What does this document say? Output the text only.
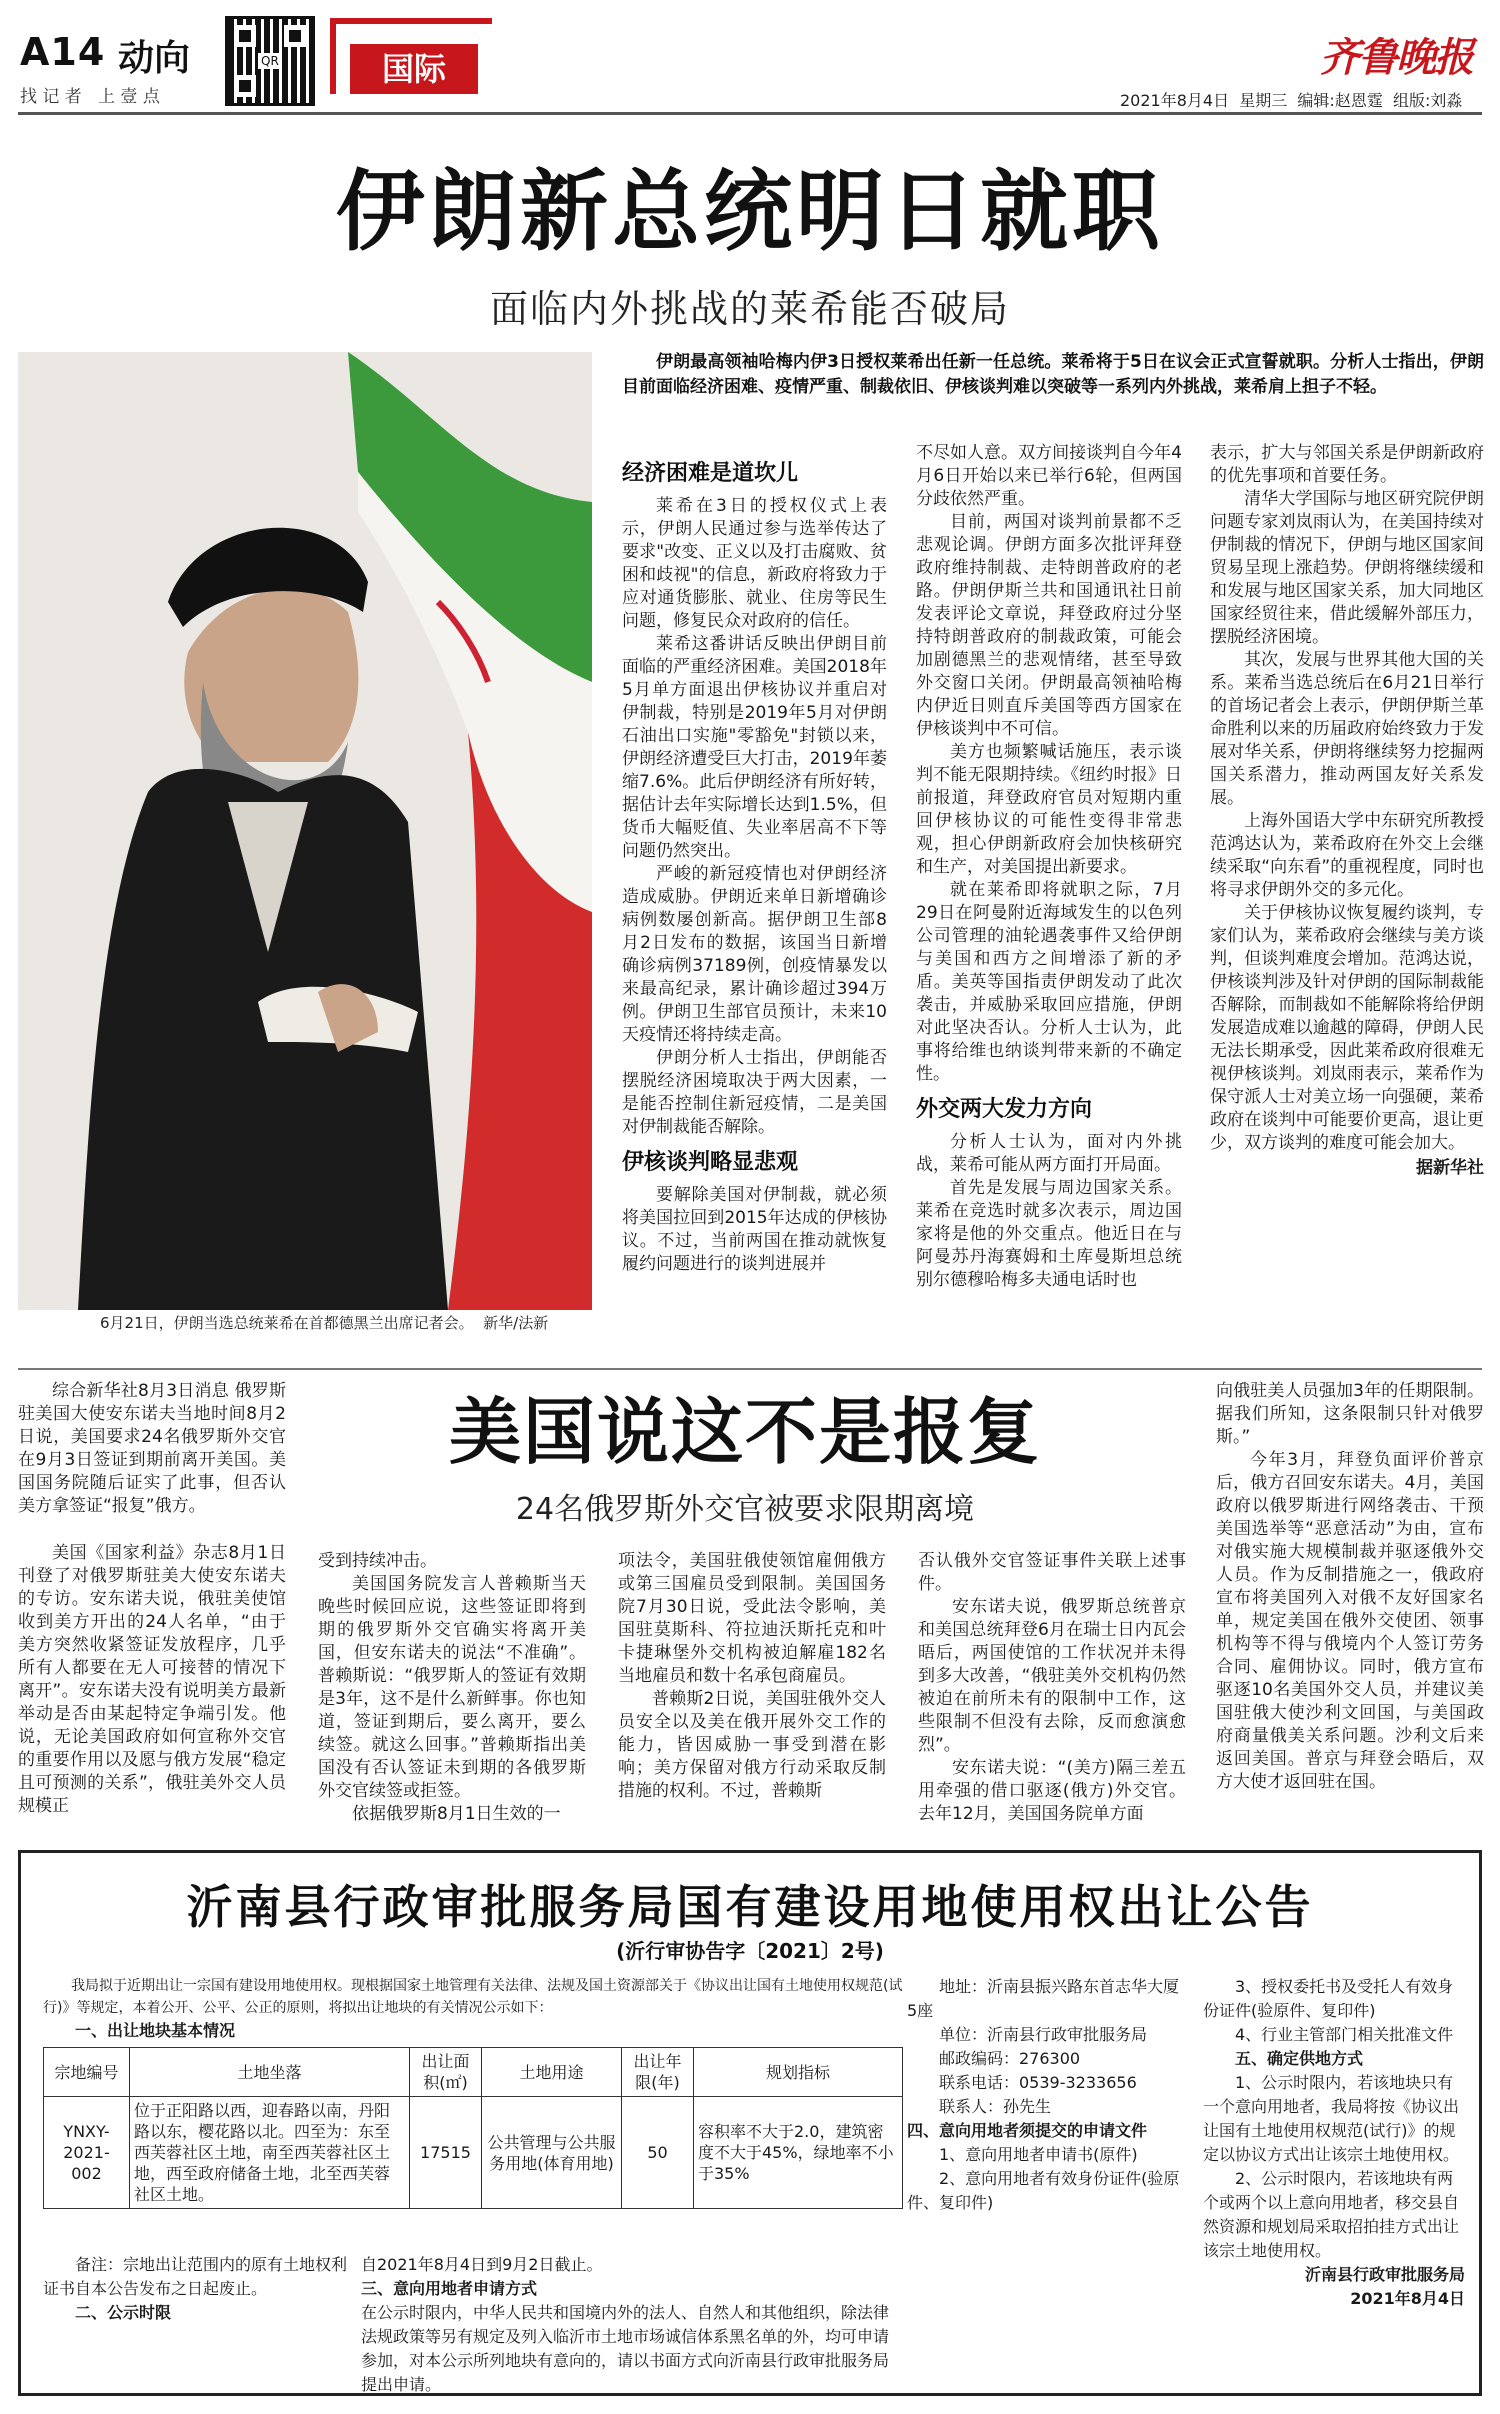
A14 动向
找 记 者   上 壹 点
QR	国际	齐鲁晚报
2021年8月4日  星期三  编辑:赵恩霆  组版:刘淼
伊朗新总统明日就职
面临内外挑战的莱希能否破局
6月21日，伊朗当选总统莱希在首都德黑兰出席记者会。  新华/法新
伊朗最高领袖哈梅内伊3日授权莱希出任新一任总统。莱希将于5日在议会正式宣誓就职。分析人士指出，伊朗目前面临经济困难、疫情严重、制裁依旧、伊核谈判难以突破等一系列内外挑战，莱希肩上担子不轻。
经济困难是道坎儿

莱希在3日的授权仪式上表示，伊朗人民通过参与选举传达了要求"改变、正义以及打击腐败、贫困和歧视"的信息，新政府将致力于应对通货膨胀、就业、住房等民生问题，修复民众对政府的信任。

莱希这番讲话反映出伊朗目前面临的严重经济困难。美国2018年5月单方面退出伊核协议并重启对伊制裁，特别是2019年5月对伊朗石油出口实施"零豁免"封锁以来，伊朗经济遭受巨大打击，2019年萎缩7.6%。此后伊朗经济有所好转，据估计去年实际增长达到1.5%，但货币大幅贬值、失业率居高不下等问题仍然突出。

严峻的新冠疫情也对伊朗经济造成威胁。伊朗近来单日新增确诊病例数屡创新高。据伊朗卫生部8月2日发布的数据，该国当日新增确诊病例37189例，创疫情暴发以来最高纪录，累计确诊超过394万例。伊朗卫生部官员预计，未来10天疫情还将持续走高。

伊朗分析人士指出，伊朗能否摆脱经济困境取决于两大因素，一是能否控制住新冠疫情，二是美国对伊制裁能否解除。

伊核谈判略显悲观

要解除美国对伊制裁，就必须将美国拉回到2015年达成的伊核协议。不过，当前两国在推动就恢复履约问题进行的谈判进展并

不尽如人意。双方间接谈判自今年4月6日开始以来已举行6轮，但两国分歧依然严重。

目前，两国对谈判前景都不乏悲观论调。伊朗方面多次批评拜登政府维持制裁、走特朗普政府的老路。伊朗伊斯兰共和国通讯社日前发表评论文章说，拜登政府过分坚持特朗普政府的制裁政策，可能会加剧德黑兰的悲观情绪，甚至导致外交窗口关闭。伊朗最高领袖哈梅内伊近日则直斥美国等西方国家在伊核谈判中不可信。

美方也频繁喊话施压，表示谈判不能无限期持续。《纽约时报》日前报道，拜登政府官员对短期内重回伊核协议的可能性变得非常悲观，担心伊朗新政府会加快核研究和生产，对美国提出新要求。

就在莱希即将就职之际，7月29日在阿曼附近海域发生的以色列公司管理的油轮遇袭事件又给伊朗与美国和西方之间增添了新的矛盾。美英等国指责伊朗发动了此次袭击，并威胁采取回应措施，伊朗对此坚决否认。分析人士认为，此事将给维也纳谈判带来新的不确定性。

外交两大发力方向

分析人士认为，面对内外挑战，莱希可能从两方面打开局面。

首先是发展与周边国家关系。莱希在竞选时就多次表示，周边国家将是他的外交重点。他近日在与阿曼苏丹海赛姆和土库曼斯坦总统别尔德穆哈梅多夫通电话时也

表示，扩大与邻国关系是伊朗新政府的优先事项和首要任务。

清华大学国际与地区研究院伊朗问题专家刘岚雨认为，在美国持续对伊制裁的情况下，伊朗与地区国家间贸易呈现上涨趋势。伊朗将继续缓和和发展与地区国家关系，加大同地区国家经贸往来，借此缓解外部压力，摆脱经济困境。

其次，发展与世界其他大国的关系。莱希当选总统后在6月21日举行的首场记者会上表示，伊朗伊斯兰革命胜利以来的历届政府始终致力于发展对华关系，伊朗将继续努力挖掘两国关系潜力，推动两国友好关系发展。

上海外国语大学中东研究所教授范鸿达认为，莱希政府在外交上会继续采取“向东看”的重视程度，同时也将寻求伊朗外交的多元化。

关于伊核协议恢复履约谈判，专家们认为，莱希政府会继续与美方谈判，但谈判难度会增加。范鸿达说，伊核谈判涉及针对伊朗的国际制裁能否解除，而制裁如不能解除将给伊朗发展造成难以逾越的障碍，伊朗人民无法长期承受，因此莱希政府很难无视伊核谈判。刘岚雨表示，莱希作为保守派人士对美立场一向强硬，莱希政府在谈判中可能要价更高，退让更少，双方谈判的难度可能会加大。

据新华社

综合新华社8月3日消息 俄罗斯驻美国大使安东诺夫当地时间8月2日说，美国要求24名俄罗斯外交官在9月3日签证到期前离开美国。美国国务院随后证实了此事，但否认美方拿签证“报复”俄方。

美国说这不是报复
24名俄罗斯外交官被要求限期离境

向俄驻美人员强加3年的任期限制。据我们所知，这条限制只针对俄罗斯。”

今年3月，拜登负面评价普京后，俄方召回安东诺夫。4月，美国政府以俄罗斯进行网络袭击、干预美国选举等“恶意活动”为由，宣布对俄实施大规模制裁并驱逐俄外交人员。作为反制措施之一，俄政府宣布将美国列入对俄不友好国家名单，规定美国在俄外交使团、领事机构等不得与俄境内个人签订劳务合同、雇佣协议。同时，俄方宣布驱逐10名美国外交人员，并建议美国驻俄大使沙利文回国，与美国政府商量俄美关系问题。沙利文后来返回美国。普京与拜登会晤后，双方大使才返回驻在国。

美国《国家利益》杂志8月1日刊登了对俄罗斯驻美大使安东诺夫的专访。安东诺夫说，俄驻美使馆收到美方开出的24人名单，“由于美方突然收紧签证发放程序，几乎所有人都要在无人可接替的情况下离开”。安东诺夫没有说明美方最新举动是否由某起特定争端引发。他说，无论美国政府如何宣称外交官的重要作用以及愿与俄方发展“稳定且可预测的关系”，俄驻美外交人员规模正

受到持续冲击。

美国国务院发言人普赖斯当天晚些时候回应说，这些签证即将到期的俄罗斯外交官确实将离开美国，但安东诺夫的说法“不准确”。普赖斯说：“俄罗斯人的签证有效期是3年，这不是什么新鲜事。你也知道，签证到期后，要么离开，要么续签。就这么回事。”普赖斯指出美国没有否认签证未到期的各俄罗斯外交官续签或拒签。

依据俄罗斯8月1日生效的一

项法令，美国驻俄使领馆雇佣俄方或第三国雇员受到限制。美国国务院7月30日说，受此法令影响，美国驻莫斯科、符拉迪沃斯托克和叶卡捷琳堡外交机构被迫解雇182名当地雇员和数十名承包商雇员。

普赖斯2日说，美国驻俄外交人员安全以及美在俄开展外交工作的能力，皆因威胁一事受到潜在影响；美方保留对俄方行动采取反制措施的权利。不过，普赖斯

否认俄外交官签证事件关联上述事件。

安东诺夫说，俄罗斯总统普京和美国总统拜登6月在瑞士日内瓦会晤后，两国使馆的工作状况并未得到多大改善，“俄驻美外交机构仍然被迫在前所未有的限制中工作，这些限制不但没有去除，反而愈演愈烈”。

安东诺夫说：“(美方)隔三差五用牵强的借口驱逐(俄方)外交官。去年12月，美国国务院单方面

沂南县行政审批服务局国有建设用地使用权出让公告
(沂行审协告字〔2021〕2号)

我局拟于近期出让一宗国有建设用地使用权。现根据国家土地管理有关法律、法规及国土资源部关于《协议出让国有土地使用权规范(试行)》等规定，本着公开、公平、公正的原则，将拟出让地块的有关情况公示如下：

一、出让地块基本情况

宗地编号	土地坐落	出让面积(㎡)	土地用途	出让年限(年)	规划指标
YNXY-2021-002	位于正阳路以西，迎春路以南，丹阳路以东，樱花路以北。四至为：东至西芙蓉社区土地，南至西芙蓉社区土地，西至政府储备土地，北至西芙蓉社区土地。	17515	公共管理与公共服务用地(体育用地)	50	容积率不大于2.0，建筑密度不大于45%，绿地率不小于35%

备注：宗地出让范围内的原有土地权利证书自本公告发布之日起废止。

二、公示时限

自2021年8月4日到9月2日截止。

三、意向用地者申请方式

在公示时限内，中华人民共和国境内外的法人、自然人和其他组织，除法律法规政策等另有规定及列入临沂市土地市场诚信体系黑名单的外，均可申请参加，对本公示所列地块有意向的，请以书面方式向沂南县行政审批服务局提出申请。

地址：沂南县振兴路东首志华大厦5座

单位：沂南县行政审批服务局

邮政编码：276300

联系电话：0539-3233656

联系人：孙先生

四、意向用地者须提交的申请文件

1、意向用地者申请书(原件)

2、意向用地者有效身份证件(验原件、复印件)

3、授权委托书及受托人有效身份证件(验原件、复印件)

4、行业主管部门相关批准文件

五、确定供地方式

1、公示时限内，若该地块只有一个意向用地者，我局将按《协议出让国有土地使用权规范(试行)》的规定以协议方式出让该宗土地使用权。

2、公示时限内，若该地块有两个或两个以上意向用地者，移交县自然资源和规划局采取招拍挂方式出让该宗土地使用权。

沂南县行政审批服务局

2021年8月4日
